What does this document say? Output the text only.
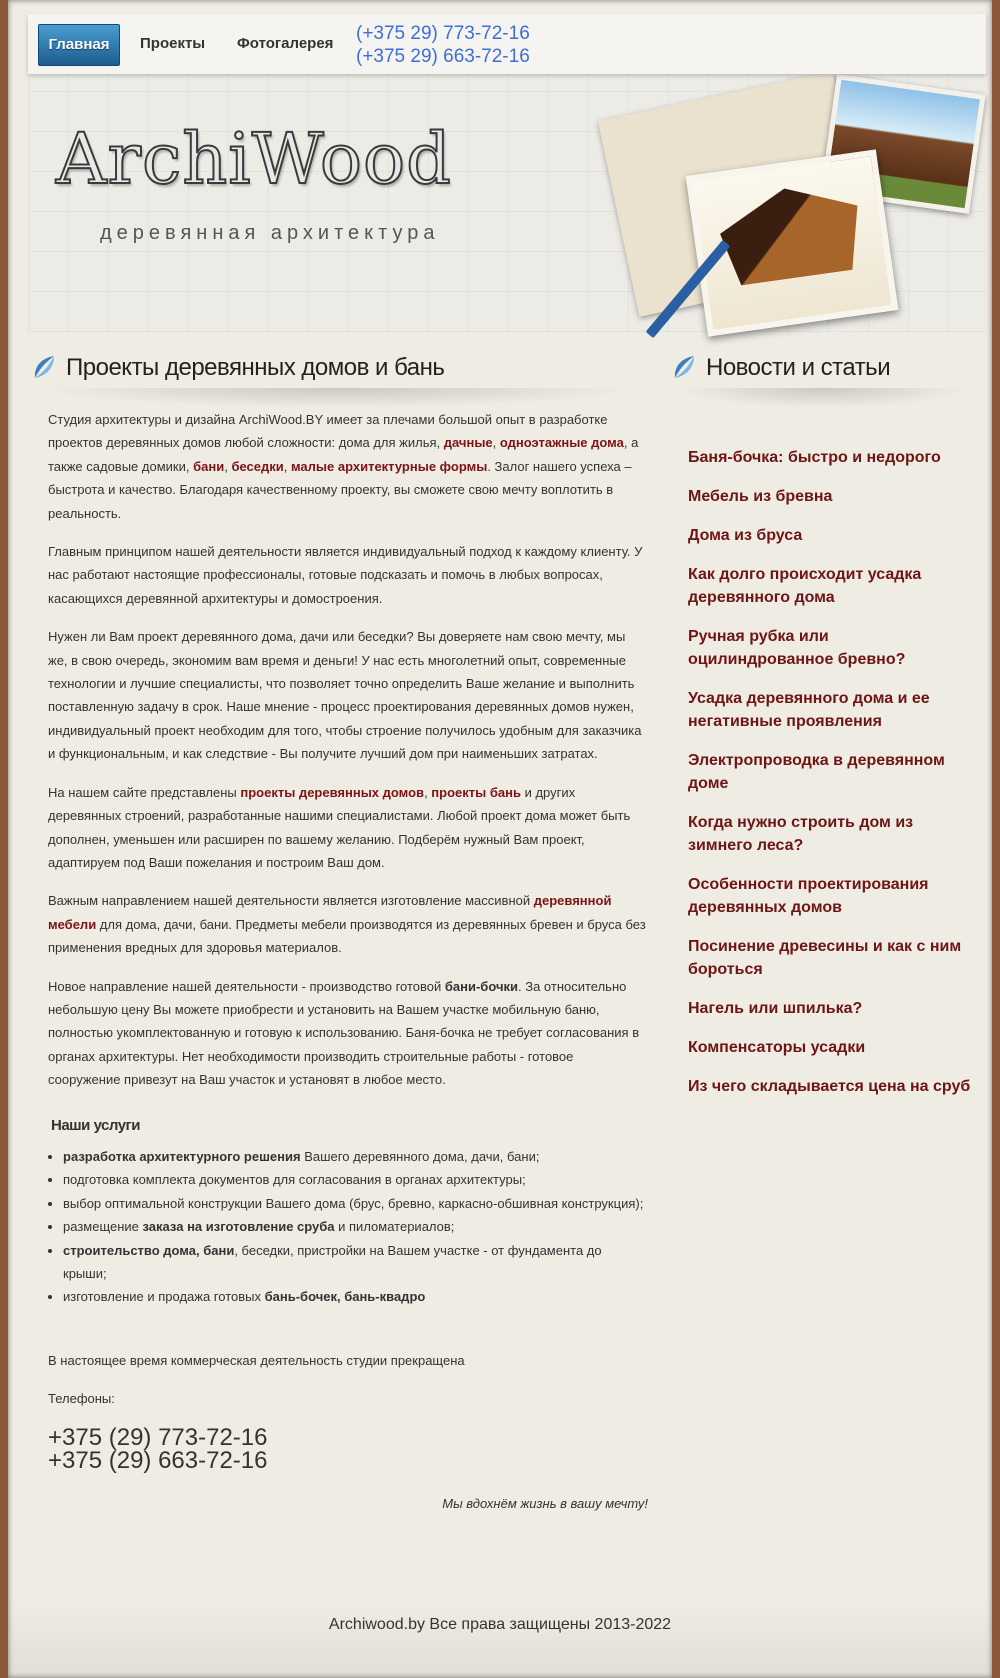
Главная	Проекты Фотогалерея (+375 29) 773-72-16
(+375 29) 663-72-16
ArchiWood
деревянная архитектура
Проекты деревянных домов и бань	Новости и статьи

Студия архитектуры и дизайна ArchiWood.BY имеет за плечами большой опыт в разработке проектов деревянных домов любой сложности: дома для жилья, дачные, одноэтажные дома, а также садовые домики, бани, беседки, малые архитектурные формы. Залог нашего успеха – быстрота и качество. Благодаря качественному проекту, вы сможете свою мечту воплотить в реальность.

Главным принципом нашей деятельности является индивидуальный подход к каждому клиенту. У нас работают настоящие профессионалы, готовые подсказать и помочь в любых вопросах, касающихся деревянной архитектуры и домостроения.

Нужен ли Вам проект деревянного дома, дачи или беседки? Вы доверяете нам свою мечту, мы же, в свою очередь, экономим вам время и деньги! У нас есть многолетний опыт, современные технологии и лучшие специалисты, что позволяет точно определить Ваше желание и выполнить поставленную задачу в срок. Наше мнение - процесс проектирования деревянных домов нужен, индивидуальный проект необходим для того, чтобы строение получилось удобным для заказчика и функциональным, и как следствие - Вы получите лучший дом при наименьших затратах.

На нашем сайте представлены проекты деревянных домов, проекты бань и других деревянных строений, разработанные нашими специалистами. Любой проект дома может быть дополнен, уменьшен или расширен по вашему желанию. Подберём нужный Вам проект, адаптируем под Ваши пожелания и построим Ваш дом.

Важным направлением нашей деятельности является изготовление массивной деревянной мебели для дома, дачи, бани. Предметы мебели производятся из деревянных бревен и бруса без применения вредных для здоровья материалов.

Новое направление нашей деятельности - производство готовой бани-бочки. За относительно небольшую цену Вы можете приобрести и установить на Вашем участке мобильную баню, полностью укомплектованную и готовую к использованию. Баня-бочка не требует согласования в органах архитектуры. Нет необходимости производить строительные работы - готовое сооружение привезут на Ваш участок и установят в любое место.

Наши услуги
• разработка архитектурного решения Вашего деревянного дома, дачи, бани;
• подготовка комплекта документов для согласования в органах архитектуры;
• выбор оптимальной конструкции Вашего дома (брус, бревно, каркасно-обшивная конструкция);
• размещение заказа на изготовление сруба и пиломатериалов;
• строительство дома, бани, беседки, пристройки на Вашем участке - от фундамента до крыши;
• изготовление и продажа готовых бань-бочек, бань-квадро

В настоящее время коммерческая деятельность студии прекращена

Телефоны:

+375 (29) 773-72-16
+375 (29) 663-72-16

Мы вдохнём жизнь в вашу мечту!

Баня-бочка: быстро и недорого
Мебель из бревна
Дома из бруса
Как долго происходит усадка деревянного дома
Ручная рубка или оцилиндрованное бревно?
Усадка деревянного дома и ее негативные проявления
Электропроводка в деревянном доме
Когда нужно строить дом из зимнего леса?
Особенности проектирования деревянных домов
Посинение древесины и как с ним бороться
Нагель или шпилька?
Компенсаторы усадки
Из чего складывается цена на сруб
Archiwood.by Все права защищены 2013-2022
